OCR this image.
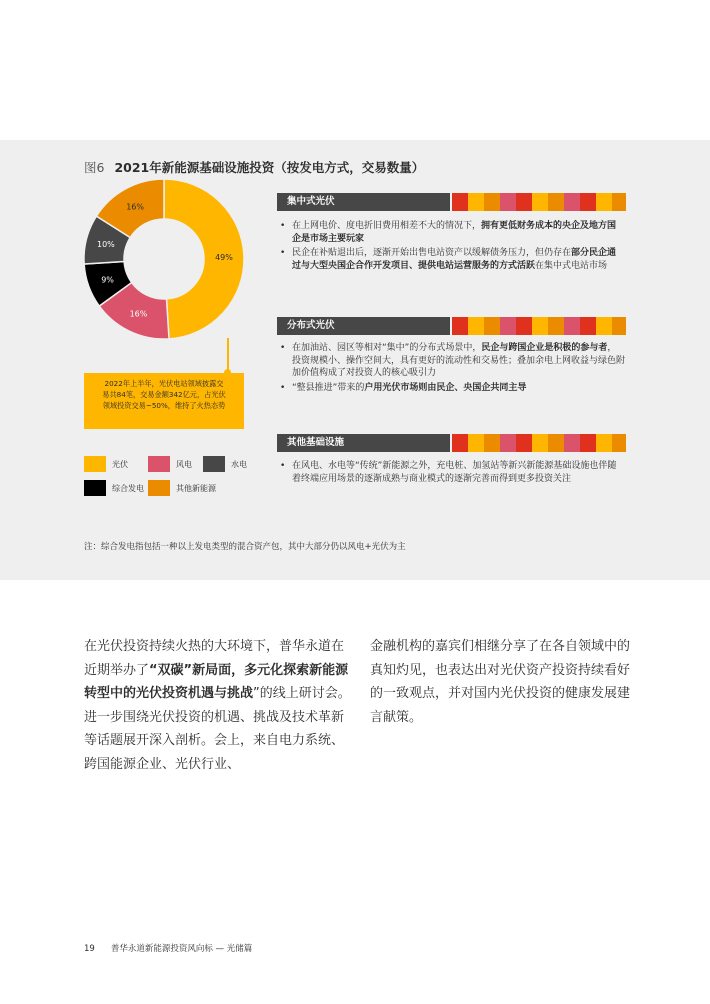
图6 2021年新能源基础设施投资（按发电方式，交易数量）
49%
16%
9%
10%
16%
2022年上半年，光伏电站领域披露交
易共84笔，交易金额342亿元，占光伏
领域投资交易~50%，维持了火热态势
光伏	风电	水电
综合发电	其他新能源
集中式光伏
• 在上网电价、度电折旧费用相差不大的情况下，拥有更低财务成本的央企及地方国企是市场主要玩家
• 民企在补贴退出后，逐渐开始出售电站资产以缓解债务压力，但仍存在部分民企通过与大型央国企合作开发项目、提供电站运营服务的方式活跃在集中式电站市场
分布式光伏
• 在加油站、园区等相对“集中”的分布式场景中，民企与跨国企业是积极的参与者，投资规模小、操作空间大，具有更好的流动性和交易性；叠加余电上网收益与绿色附加价值构成了对投资人的核心吸引力
• “整县推进”带来的户用光伏市场则由民企、央国企共同主导
其他基础设施
• 在风电、水电等“传统”新能源之外，充电桩、加氢站等新兴新能源基础设施也伴随着终端应用场景的逐渐成熟与商业模式的逐渐完善而得到更多投资关注
注：综合发电指包括一种以上发电类型的混合资产包，其中大部分仍以风电+光伏为主
在光伏投资持续火热的大环境下，普华永道在近期举办了“双碳”新局面，多元化探索新能源转型中的光伏投资机遇与挑战”的线上研讨会。进一步围绕光伏投资的机遇、挑战及技术革新等话题展开深入剖析。会上，来自电力系统、跨国能源企业、光伏行业、
金融机构的嘉宾们相继分享了在各自领域中的真知灼见，也表达出对光伏资产投资持续看好的一致观点，并对国内光伏投资的健康发展建言献策。
19 普华永道新能源投资风向标 — 光储篇
